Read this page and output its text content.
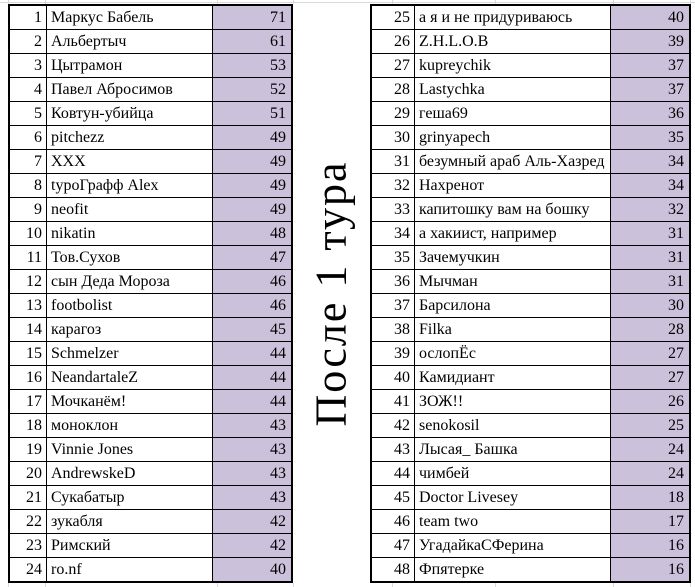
1 Маркус Бабель	71
2 Альбертыч	61
3 Цытрамон	53
4 Павел Абросимов	52
5 Ковтун-убийца	51
6 pitchezz	49
7 XXX	49
8 typoГрафф Alex	49
9 neofit	49
10 nikatin	48
11 Тов.Сухов	47
12 сын Деда Мороза	46
13 footbolist	46
14 карагоз	45
15 Schmelzer	44
16 NeandartaleZ	44
17 Мочканём!	44
18 моноклон	43
19 Vinnie Jones	43
20 AndrewskeD	43
21 Сукабатыр	43
22 зукабля	42
23 Римский	42
24 ro.nf	40
После 1 тура
25 а я и не придуриваюсь	40
26 Z.H.L.O.B	39
27 kupreychik	37
28 Lastychka	37
29 геша69	36
30 grinyapech	35
31 безумный араб Аль-Хазред	34
32 Нахренот	34
33 капитошку вам на бошку	32
34 а хакиист, например	31
35 Зачемучкин	31
36 Мычман	31
37 Барсилона	30
38 Filka	28
39 ослопЁс	27
40 Камидиант	27
41 ЗОЖ!!	26
42 senokosil	25
43 Лысая_ Башка	24
44 чимбей	24
45 Doctor Livesey	18
46 team two	17
47 УгадайкаСФерина	16
48 Фпятерке	16
